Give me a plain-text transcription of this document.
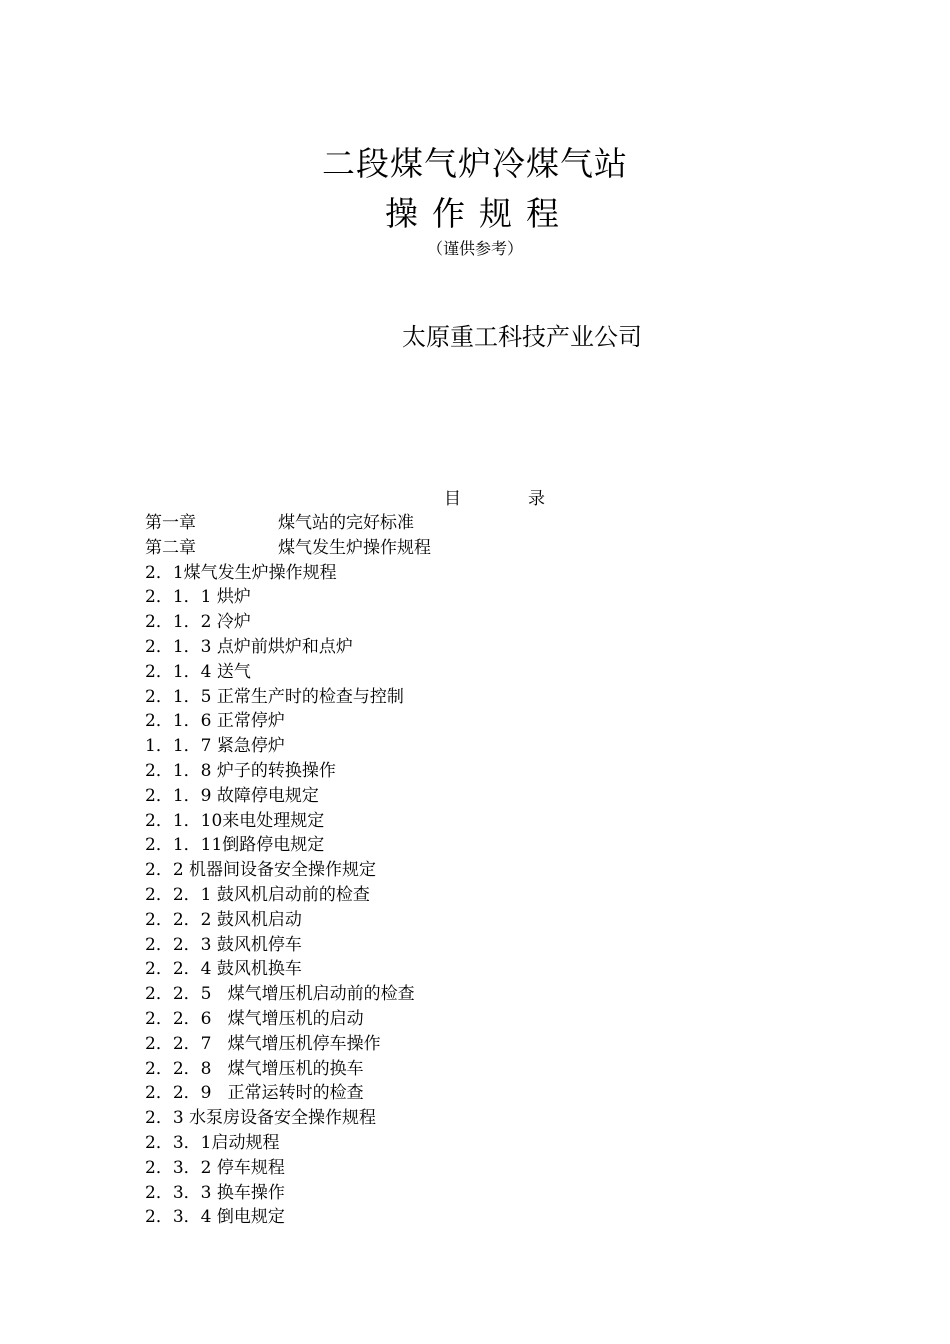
二段煤气炉冷煤气站
操作规程
（谨供参考）
太原重工科技产业公司
目	录
第一章	煤气站的完好标准
第二章	煤气发生炉操作规程
2．1煤气发生炉操作规程
2．1．1 烘炉
2．1．2 冷炉
2．1．3 点炉前烘炉和点炉
2．1．4 送气
2．1．5 正常生产时的检查与控制
2．1．6 正常停炉
1．1．7 紧急停炉
2．1．8 炉子的转换操作
2．1．9 故障停电规定
2．1．10来电处理规定
2．1．11倒路停电规定
2．2 机器间设备安全操作规定
2．2．1 鼓风机启动前的检查
2．2．2 鼓风机启动
2．2．3 鼓风机停车
2．2．4 鼓风机换车
2．2．5 煤气增压机启动前的检查
2．2．6 煤气增压机的启动
2．2．7 煤气增压机停车操作
2．2．8 煤气增压机的换车
2．2．9 正常运转时的检查
2．3 水泵房设备安全操作规程
2．3．1启动规程
2．3．2 停车规程
2．3．3 换车操作
2．3．4 倒电规定
